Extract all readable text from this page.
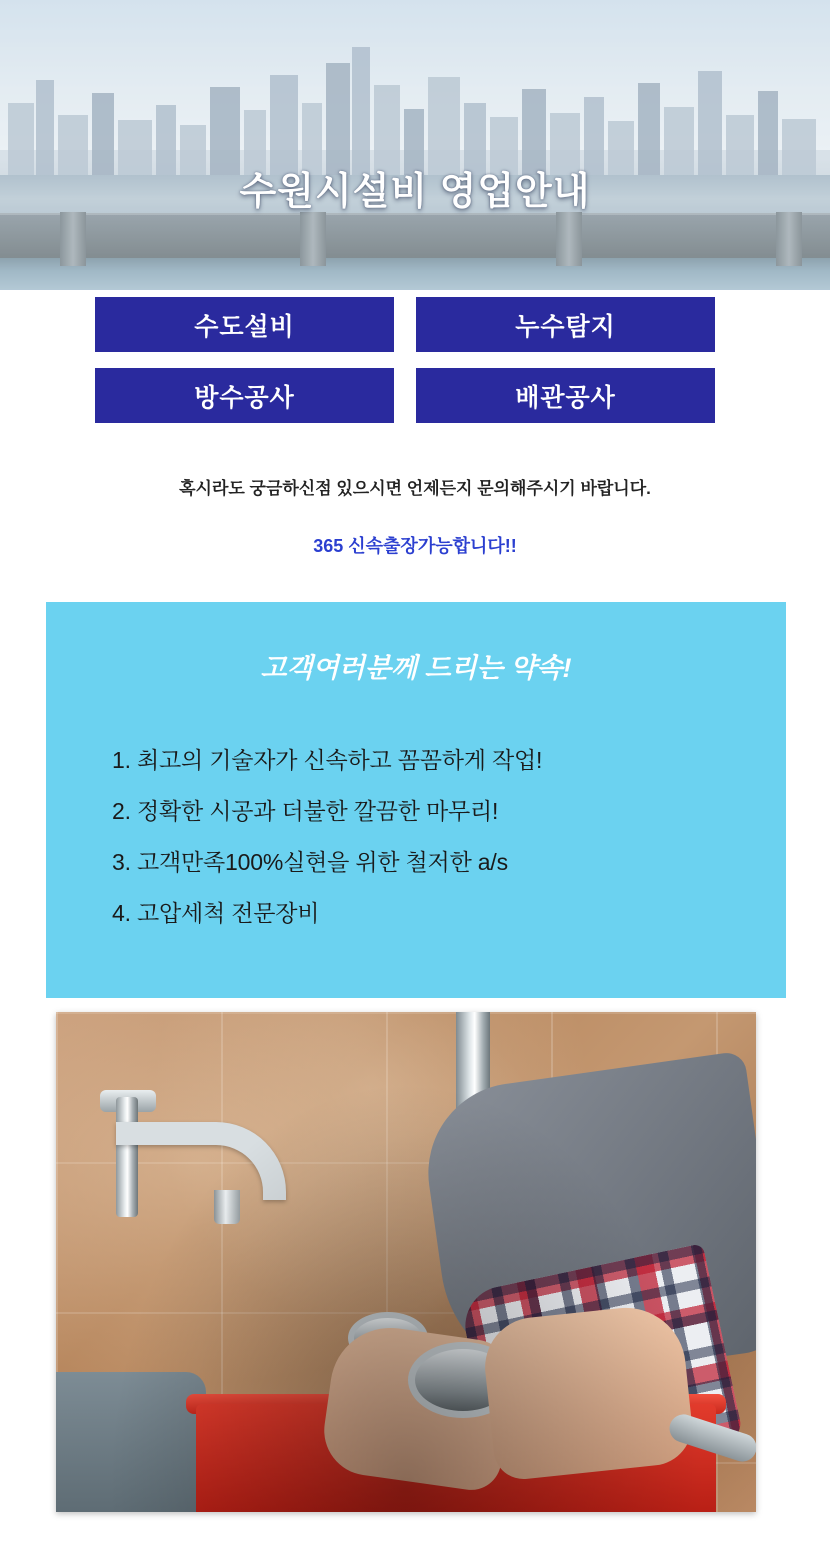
수원시설비 영업안내
수도설비	누수탐지
방수공사	배관공사
혹시라도 궁금하신점 있으시면 언제든지 문의해주시기 바랍니다.
365 신속출장가능합니다!!
고객여러분께 드리는 약속!
1. 최고의 기술자가 신속하고 꼼꼼하게 작업!
2. 정확한 시공과 더불한 깔끔한 마무리!
3. 고객만족100%실현을 위한 철저한 a/s
4. 고압세척 전문장비
